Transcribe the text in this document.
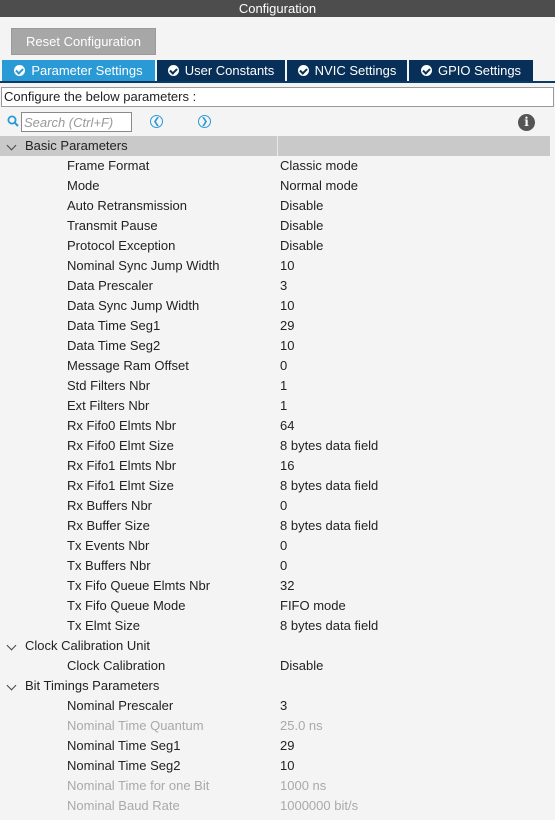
Configuration
Reset Configuration
Parameter Settings	User Constants	NVIC Settings	GPIO Settings
Configure the below parameters :
Search (Ctrl+F)
❮	❯	i
Basic Parameters
Frame Format	Classic mode
Mode	Normal mode
Auto Retransmission	Disable
Transmit Pause	Disable
Protocol Exception	Disable
Nominal Sync Jump Width	10
Data Prescaler	3
Data Sync Jump Width	10
Data Time Seg1	29
Data Time Seg2	10
Message Ram Offset	0
Std Filters Nbr	1
Ext Filters Nbr	1
Rx Fifo0 Elmts Nbr	64
Rx Fifo0 Elmt Size	8 bytes data field
Rx Fifo1 Elmts Nbr	16
Rx Fifo1 Elmt Size	8 bytes data field
Rx Buffers Nbr	0
Rx Buffer Size	8 bytes data field
Tx Events Nbr	0
Tx Buffers Nbr	0
Tx Fifo Queue Elmts Nbr	32
Tx Fifo Queue Mode	FIFO mode
Tx Elmt Size	8 bytes data field
Clock Calibration Unit
Clock Calibration	Disable
Bit Timings Parameters
Nominal Prescaler	3
Nominal Time Quantum	25.0 ns
Nominal Time Seg1	29
Nominal Time Seg2	10
Nominal Time for one Bit	1000 ns
Nominal Baud Rate	1000000 bit/s
